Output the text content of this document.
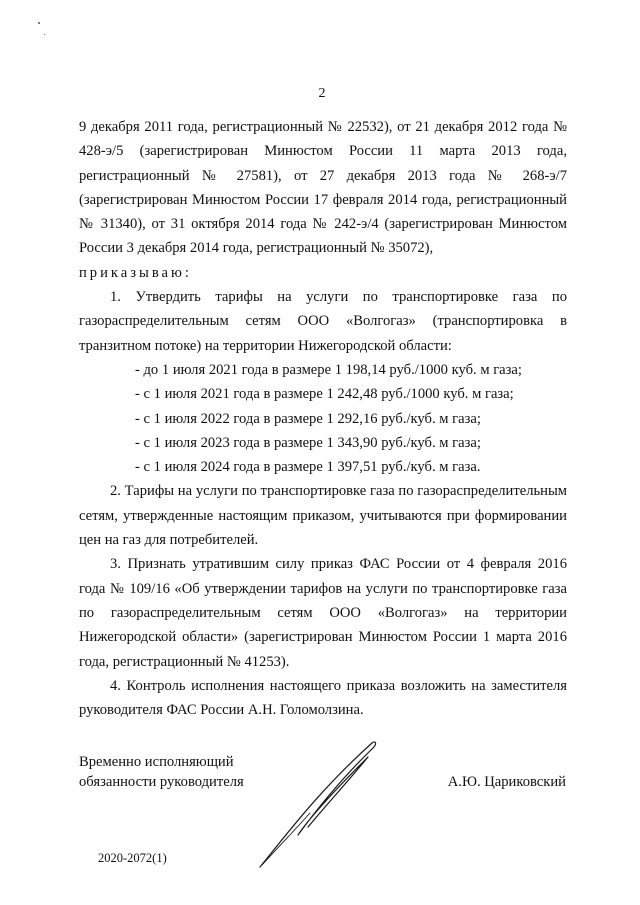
2

9 декабря 2011 года, регистрационный № 22532), от 21 декабря 2012 года № 428-э/5 (зарегистрирован Минюстом России 11 марта 2013 года, регистрационный № 27581), от 27 декабря 2013 года № 268-э/7 (зарегистрирован Минюстом России 17 февраля 2014 года, регистрационный № 31340), от 31 октября 2014 года № 242-э/4 (зарегистрирован Минюстом России 3 декабря 2014 года, регистрационный № 35072),

приказываю:

1. Утвердить тарифы на услуги по транспортировке газа по газораспределительным сетям ООО «Волгогаз» (транспортировка в транзитном потоке) на территории Нижегородской области:

- до 1 июля 2021 года в размере 1 198,14 руб./1000 куб. м газа;
- с 1 июля 2021 года в размере 1 242,48 руб./1000 куб. м газа;
- с 1 июля 2022 года в размере 1 292,16 руб./куб. м газа;
- с 1 июля 2023 года в размере 1 343,90 руб./куб. м газа;
- с 1 июля 2024 года в размере 1 397,51 руб./куб. м газа.

2. Тарифы на услуги по транспортировке газа по газораспределительным сетям, утвержденные настоящим приказом, учитываются при формировании цен на газ для потребителей.

3. Признать утратившим силу приказ ФАС России от 4 февраля 2016 года № 109/16 «Об утверждении тарифов на услуги по транспортировке газа по газораспределительным сетям ООО «Волгогаз» на территории Нижегородской области» (зарегистрирован Минюстом России 1 марта 2016 года, регистрационный № 41253).

4. Контроль исполнения настоящего приказа возложить на заместителя руководителя ФАС России А.Н. Голомолзина.

Временно исполняющий
обязанности руководителя	А.Ю. Цариковский
2020-2072(1)
